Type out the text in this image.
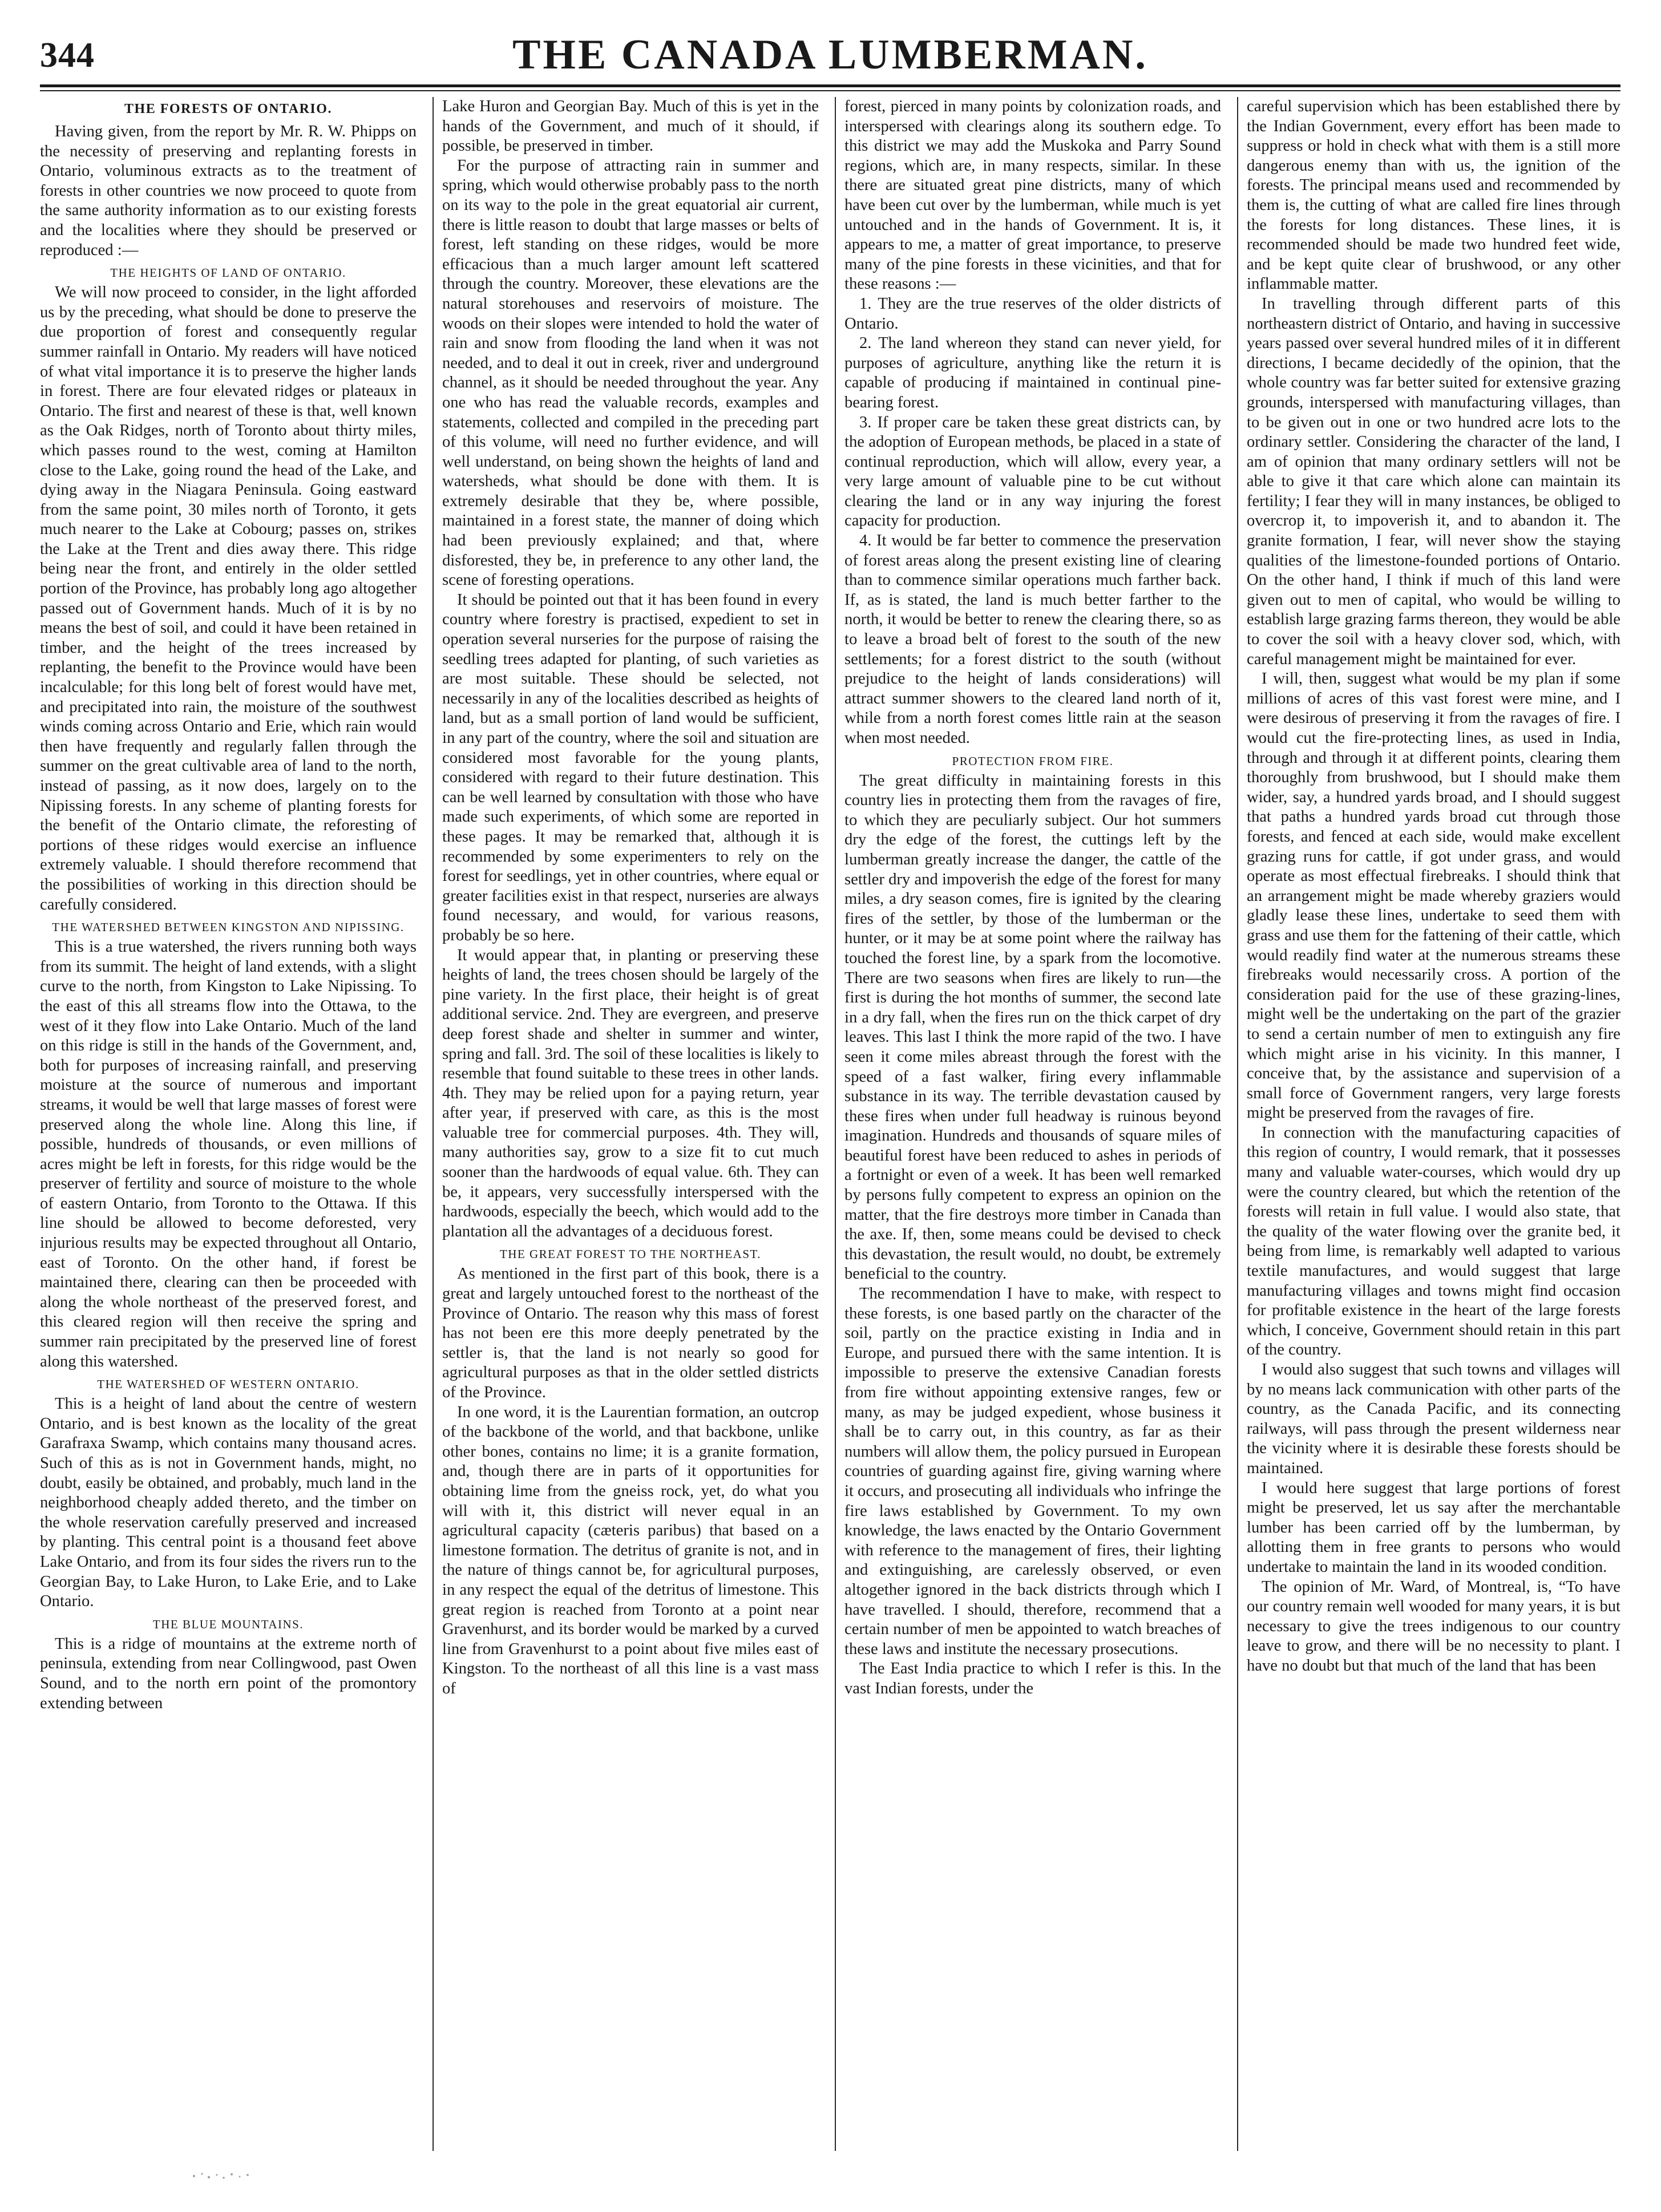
344	THE CANADA LUMBERMAN.
THE FORESTS OF ONTARIO.

Having given, from the report by Mr. R. W. Phipps on the necessity of preserving and replanting forests in Ontario, voluminous extracts as to the treatment of forests in other countries we now proceed to quote from the same authority information as to our existing forests and the localities where they should be preserved or reproduced :—

THE HEIGHTS OF LAND OF ONTARIO.

We will now proceed to consider, in the light afforded us by the preceding, what should be done to preserve the due proportion of forest and consequently regular summer rainfall in Ontario. My readers will have noticed of what vital importance it is to preserve the higher lands in forest. There are four elevated ridges or plateaux in Ontario. The first and nearest of these is that, well known as the Oak Ridges, north of Toronto about thirty miles, which passes round to the west, coming at Hamilton close to the Lake, going round the head of the Lake, and dying away in the Niagara Peninsula. Going eastward from the same point, 30 miles north of Toronto, it gets much nearer to the Lake at Cobourg; passes on, strikes the Lake at the Trent and dies away there. This ridge being near the front, and entirely in the older settled portion of the Province, has probably long ago altogether passed out of Government hands. Much of it is by no means the best of soil, and could it have been retained in timber, and the height of the trees increased by replanting, the benefit to the Province would have been incalculable; for this long belt of forest would have met, and precipitated into rain, the moisture of the southwest winds coming across Ontario and Erie, which rain would then have frequently and regularly fallen through the summer on the great cultivable area of land to the north, instead of passing, as it now does, largely on to the Nipissing forests. In any scheme of planting forests for the benefit of the Ontario climate, the reforesting of portions of these ridges would exercise an influence extremely valuable. I should therefore recommend that the possibilities of working in this direction should be carefully considered.

THE WATERSHED BETWEEN KINGSTON AND NIPISSING.

This is a true watershed, the rivers running both ways from its summit. The height of land extends, with a slight curve to the north, from Kingston to Lake Nipissing. To the east of this all streams flow into the Ottawa, to the west of it they flow into Lake Ontario. Much of the land on this ridge is still in the hands of the Government, and, both for purposes of increasing rainfall, and preserving moisture at the source of numerous and important streams, it would be well that large masses of forest were preserved along the whole line. Along this line, if possible, hundreds of thousands, or even millions of acres might be left in forests, for this ridge would be the preserver of fertility and source of moisture to the whole of eastern Ontario, from Toronto to the Ottawa. If this line should be allowed to become deforested, very injurious results may be expected throughout all Ontario, east of Toronto. On the other hand, if forest be maintained there, clearing can then be proceeded with along the whole northeast of the preserved forest, and this cleared region will then receive the spring and summer rain precipitated by the preserved line of forest along this watershed.

THE WATERSHED OF WESTERN ONTARIO.

This is a height of land about the centre of western Ontario, and is best known as the locality of the great Garafraxa Swamp, which contains many thousand acres. Such of this as is not in Government hands, might, no doubt, easily be obtained, and probably, much land in the neighborhood cheaply added thereto, and the timber on the whole reservation carefully preserved and increased by planting. This central point is a thousand feet above Lake Ontario, and from its four sides the rivers run to the Georgian Bay, to Lake Huron, to Lake Erie, and to Lake Ontario.

THE BLUE MOUNTAINS.

This is a ridge of mountains at the extreme north of peninsula, extending from near Collingwood, past Owen Sound, and to the north ern point of the promontory extending between

Lake Huron and Georgian Bay. Much of this is yet in the hands of the Government, and much of it should, if possible, be preserved in timber.

For the purpose of attracting rain in summer and spring, which would otherwise probably pass to the north on its way to the pole in the great equatorial air current, there is little reason to doubt that large masses or belts of forest, left standing on these ridges, would be more efficacious than a much larger amount left scattered through the country. Moreover, these elevations are the natural storehouses and reservoirs of moisture. The woods on their slopes were intended to hold the water of rain and snow from flooding the land when it was not needed, and to deal it out in creek, river and underground channel, as it should be needed throughout the year. Any one who has read the valuable records, examples and statements, collected and compiled in the preceding part of this volume, will need no further evidence, and will well understand, on being shown the heights of land and watersheds, what should be done with them. It is extremely desirable that they be, where possible, maintained in a forest state, the manner of doing which had been previously explained; and that, where disforested, they be, in preference to any other land, the scene of foresting operations.

It should be pointed out that it has been found in every country where forestry is practised, expedient to set in operation several nurseries for the purpose of raising the seedling trees adapted for planting, of such varieties as are most suitable. These should be selected, not necessarily in any of the localities described as heights of land, but as a small portion of land would be sufficient, in any part of the country, where the soil and situation are considered most favorable for the young plants, considered with regard to their future destination. This can be well learned by consultation with those who have made such experiments, of which some are reported in these pages. It may be remarked that, although it is recommended by some experimenters to rely on the forest for seedlings, yet in other countries, where equal or greater facilities exist in that respect, nurseries are always found necessary, and would, for various reasons, probably be so here.

It would appear that, in planting or preserving these heights of land, the trees chosen should be largely of the pine variety. In the first place, their height is of great additional service. 2nd. They are evergreen, and preserve deep forest shade and shelter in summer and winter, spring and fall. 3rd. The soil of these localities is likely to resemble that found suitable to these trees in other lands. 4th. They may be relied upon for a paying return, year after year, if preserved with care, as this is the most valuable tree for commercial purposes. 4th. They will, many authorities say, grow to a size fit to cut much sooner than the hardwoods of equal value. 6th. They can be, it appears, very successfully interspersed with the hardwoods, especially the beech, which would add to the plantation all the advantages of a deciduous forest.

THE GREAT FOREST TO THE NORTHEAST.

As mentioned in the first part of this book, there is a great and largely untouched forest to the northeast of the Province of Ontario. The reason why this mass of forest has not been ere this more deeply penetrated by the settler is, that the land is not nearly so good for agricultural purposes as that in the older settled districts of the Province.

In one word, it is the Laurentian formation, an outcrop of the backbone of the world, and that backbone, unlike other bones, contains no lime; it is a granite formation, and, though there are in parts of it opportunities for obtaining lime from the gneiss rock, yet, do what you will with it, this district will never equal in an agricultural capacity (cæteris paribus) that based on a limestone formation. The detritus of granite is not, and in the nature of things cannot be, for agricultural purposes, in any respect the equal of the detritus of limestone. This great region is reached from Toronto at a point near Gravenhurst, and its border would be marked by a curved line from Gravenhurst to a point about five miles east of Kingston. To the northeast of all this line is a vast mass of

forest, pierced in many points by colonization roads, and interspersed with clearings along its southern edge. To this district we may add the Muskoka and Parry Sound regions, which are, in many respects, similar. In these there are situated great pine districts, many of which have been cut over by the lumberman, while much is yet untouched and in the hands of Government. It is, it appears to me, a matter of great importance, to preserve many of the pine forests in these vicinities, and that for these reasons :—

1. They are the true reserves of the older districts of Ontario.
2. The land whereon they stand can never yield, for purposes of agriculture, anything like the return it is capable of producing if maintained in continual pine-bearing forest.
3. If proper care be taken these great districts can, by the adoption of European methods, be placed in a state of continual reproduction, which will allow, every year, a very large amount of valuable pine to be cut without clearing the land or in any way injuring the forest capacity for production.
4. It would be far better to commence the preservation of forest areas along the present existing line of clearing than to commence similar operations much farther back. If, as is stated, the land is much better farther to the north, it would be better to renew the clearing there, so as to leave a broad belt of forest to the south of the new settlements; for a forest district to the south (without prejudice to the height of lands considerations) will attract summer showers to the cleared land north of it, while from a north forest comes little rain at the season when most needed.
PROTECTION FROM FIRE.

The great difficulty in maintaining forests in this country lies in protecting them from the ravages of fire, to which they are peculiarly subject. Our hot summers dry the edge of the forest, the cuttings left by the lumberman greatly increase the danger, the cattle of the settler dry and impoverish the edge of the forest for many miles, a dry season comes, fire is ignited by the clearing fires of the settler, by those of the lumberman or the hunter, or it may be at some point where the railway has touched the forest line, by a spark from the locomotive. There are two seasons when fires are likely to run—the first is during the hot months of summer, the second late in a dry fall, when the fires run on the thick carpet of dry leaves. This last I think the more rapid of the two. I have seen it come miles abreast through the forest with the speed of a fast walker, firing every inflammable substance in its way. The terrible devastation caused by these fires when under full headway is ruinous beyond imagination. Hundreds and thousands of square miles of beautiful forest have been reduced to ashes in periods of a fortnight or even of a week. It has been well remarked by persons fully competent to express an opinion on the matter, that the fire destroys more timber in Canada than the axe. If, then, some means could be devised to check this devastation, the result would, no doubt, be extremely beneficial to the country.

The recommendation I have to make, with respect to these forests, is one based partly on the character of the soil, partly on the practice existing in India and in Europe, and pursued there with the same intention. It is impossible to preserve the extensive Canadian forests from fire without appointing extensive ranges, few or many, as may be judged expedient, whose business it shall be to carry out, in this country, as far as their numbers will allow them, the policy pursued in European countries of guarding against fire, giving warning where it occurs, and prosecuting all individuals who infringe the fire laws established by Government. To my own knowledge, the laws enacted by the Ontario Government with reference to the management of fires, their lighting and extinguishing, are carelessly observed, or even altogether ignored in the back districts through which I have travelled. I should, therefore, recommend that a certain number of men be appointed to watch breaches of these laws and institute the necessary prosecutions.

The East India practice to which I refer is this. In the vast Indian forests, under the

careful supervision which has been established there by the Indian Government, every effort has been made to suppress or hold in check what with them is a still more dangerous enemy than with us, the ignition of the forests. The principal means used and recommended by them is, the cutting of what are called fire lines through the forests for long distances. These lines, it is recommended should be made two hundred feet wide, and be kept quite clear of brushwood, or any other inflammable matter.

In travelling through different parts of this northeastern district of Ontario, and having in successive years passed over several hundred miles of it in different directions, I became decidedly of the opinion, that the whole country was far better suited for extensive grazing grounds, interspersed with manufacturing villages, than to be given out in one or two hundred acre lots to the ordinary settler. Considering the character of the land, I am of opinion that many ordinary settlers will not be able to give it that care which alone can maintain its fertility; I fear they will in many instances, be obliged to overcrop it, to impoverish it, and to abandon it. The granite formation, I fear, will never show the staying qualities of the limestone-founded portions of Ontario. On the other hand, I think if much of this land were given out to men of capital, who would be willing to establish large grazing farms thereon, they would be able to cover the soil with a heavy clover sod, which, with careful management might be maintained for ever.

I will, then, suggest what would be my plan if some millions of acres of this vast forest were mine, and I were desirous of preserving it from the ravages of fire. I would cut the fire-protecting lines, as used in India, through and through it at different points, clearing them thoroughly from brushwood, but I should make them wider, say, a hundred yards broad, and I should suggest that paths a hundred yards broad cut through those forests, and fenced at each side, would make excellent grazing runs for cattle, if got under grass, and would operate as most effectual firebreaks. I should think that an arrangement might be made whereby graziers would gladly lease these lines, undertake to seed them with grass and use them for the fattening of their cattle, which would readily find water at the numerous streams these firebreaks would necessarily cross. A portion of the consideration paid for the use of these grazing-lines, might well be the undertaking on the part of the grazier to send a certain number of men to extinguish any fire which might arise in his vicinity. In this manner, I conceive that, by the assistance and supervision of a small force of Government rangers, very large forests might be preserved from the ravages of fire.

In connection with the manufacturing capacities of this region of country, I would remark, that it possesses many and valuable water-courses, which would dry up were the country cleared, but which the retention of the forests will retain in full value. I would also state, that the quality of the water flowing over the granite bed, it being from lime, is remarkably well adapted to various textile manufactures, and would suggest that large manufacturing villages and towns might find occasion for profitable existence in the heart of the large forests which, I conceive, Government should retain in this part of the country.

I would also suggest that such towns and villages will by no means lack communication with other parts of the country, as the Canada Pacific, and its connecting railways, will pass through the present wilderness near the vicinity where it is desirable these forests should be maintained.

I would here suggest that large portions of forest might be preserved, let us say after the merchantable lumber has been carried off by the lumberman, by allotting them in free grants to persons who would undertake to maintain the land in its wooded condition.

The opinion of Mr. Ward, of Montreal, is, “To have our country remain well wooded for many years, it is but necessary to give the trees indigenous to our country leave to grow, and there will be no necessity to plant. I have no doubt but that much of the land that has been
